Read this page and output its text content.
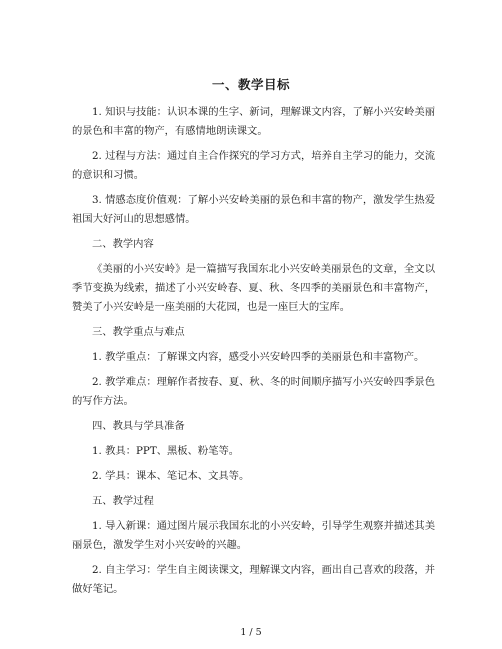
一、教学目标

1. 知识与技能：认识本课的生字、新词，理解课文内容，了解小兴安岭美丽的景色和丰富的物产，有感情地朗读课文。

2. 过程与方法：通过自主合作探究的学习方式，培养自主学习的能力，交流的意识和习惯。

3. 情感态度价值观：了解小兴安岭美丽的景色和丰富的物产，激发学生热爱祖国大好河山的思想感情。

二、教学内容

《美丽的小兴安岭》是一篇描写我国东北小兴安岭美丽景色的文章，全文以季节变换为线索，描述了小兴安岭春、夏、秋、冬四季的美丽景色和丰富物产，赞美了小兴安岭是一座美丽的大花园，也是一座巨大的宝库。

三、教学重点与难点

1. 教学重点：了解课文内容，感受小兴安岭四季的美丽景色和丰富物产。

2. 教学难点：理解作者按春、夏、秋、冬的时间顺序描写小兴安岭四季景色的写作方法。

四、教具与学具准备

1. 教具：PPT、黑板、粉笔等。

2. 学具：课本、笔记本、文具等。

五、教学过程

1. 导入新课：通过图片展示我国东北的小兴安岭，引导学生观察并描述其美丽景色，激发学生对小兴安岭的兴趣。

2. 自主学习：学生自主阅读课文，理解课文内容，画出自己喜欢的段落，并做好笔记。

1 / 5
